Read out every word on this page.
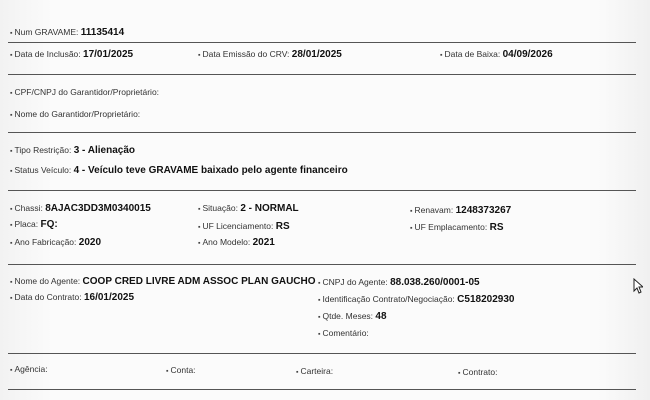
▪ Num GRAVAME: 11135414
▪ Data de Inclusão: 17/01/2025	▪ Data Emissão do CRV: 28/01/2025	▪ Data de Baixa: 04/09/2026
▪ CPF/CNPJ do Garantidor/Proprietário:
▪ Nome do Garantidor/Proprietário:
▪ Tipo Restrição: 3 - Alienação
▪ Status Veículo: 4 - Veículo teve GRAVAME baixado pelo agente financeiro
▪ Chassi: 8AJAC3DD3M0340015	▪ Situação: 2 - NORMAL	▪ Renavam: 1248373267
▪ Placa: FQ:	▪ UF Licenciamento: RS	▪ UF Emplacamento: RS
▪ Ano Fabricação: 2020	▪ Ano Modelo: 2021
▪ Nome do Agente: COOP CRED LIVRE ADM ASSOC PLAN GAUCHO ▪ CNPJ do Agente: 88.038.260/0001-05
▪ Data do Contrato: 16/01/2025	▪ Identificação Contrato/Negociação: C518202930
▪ Qtde. Meses: 48
▪ Comentário:
▪ Agência:	▪ Conta:	▪ Carteira:	▪ Contrato:
